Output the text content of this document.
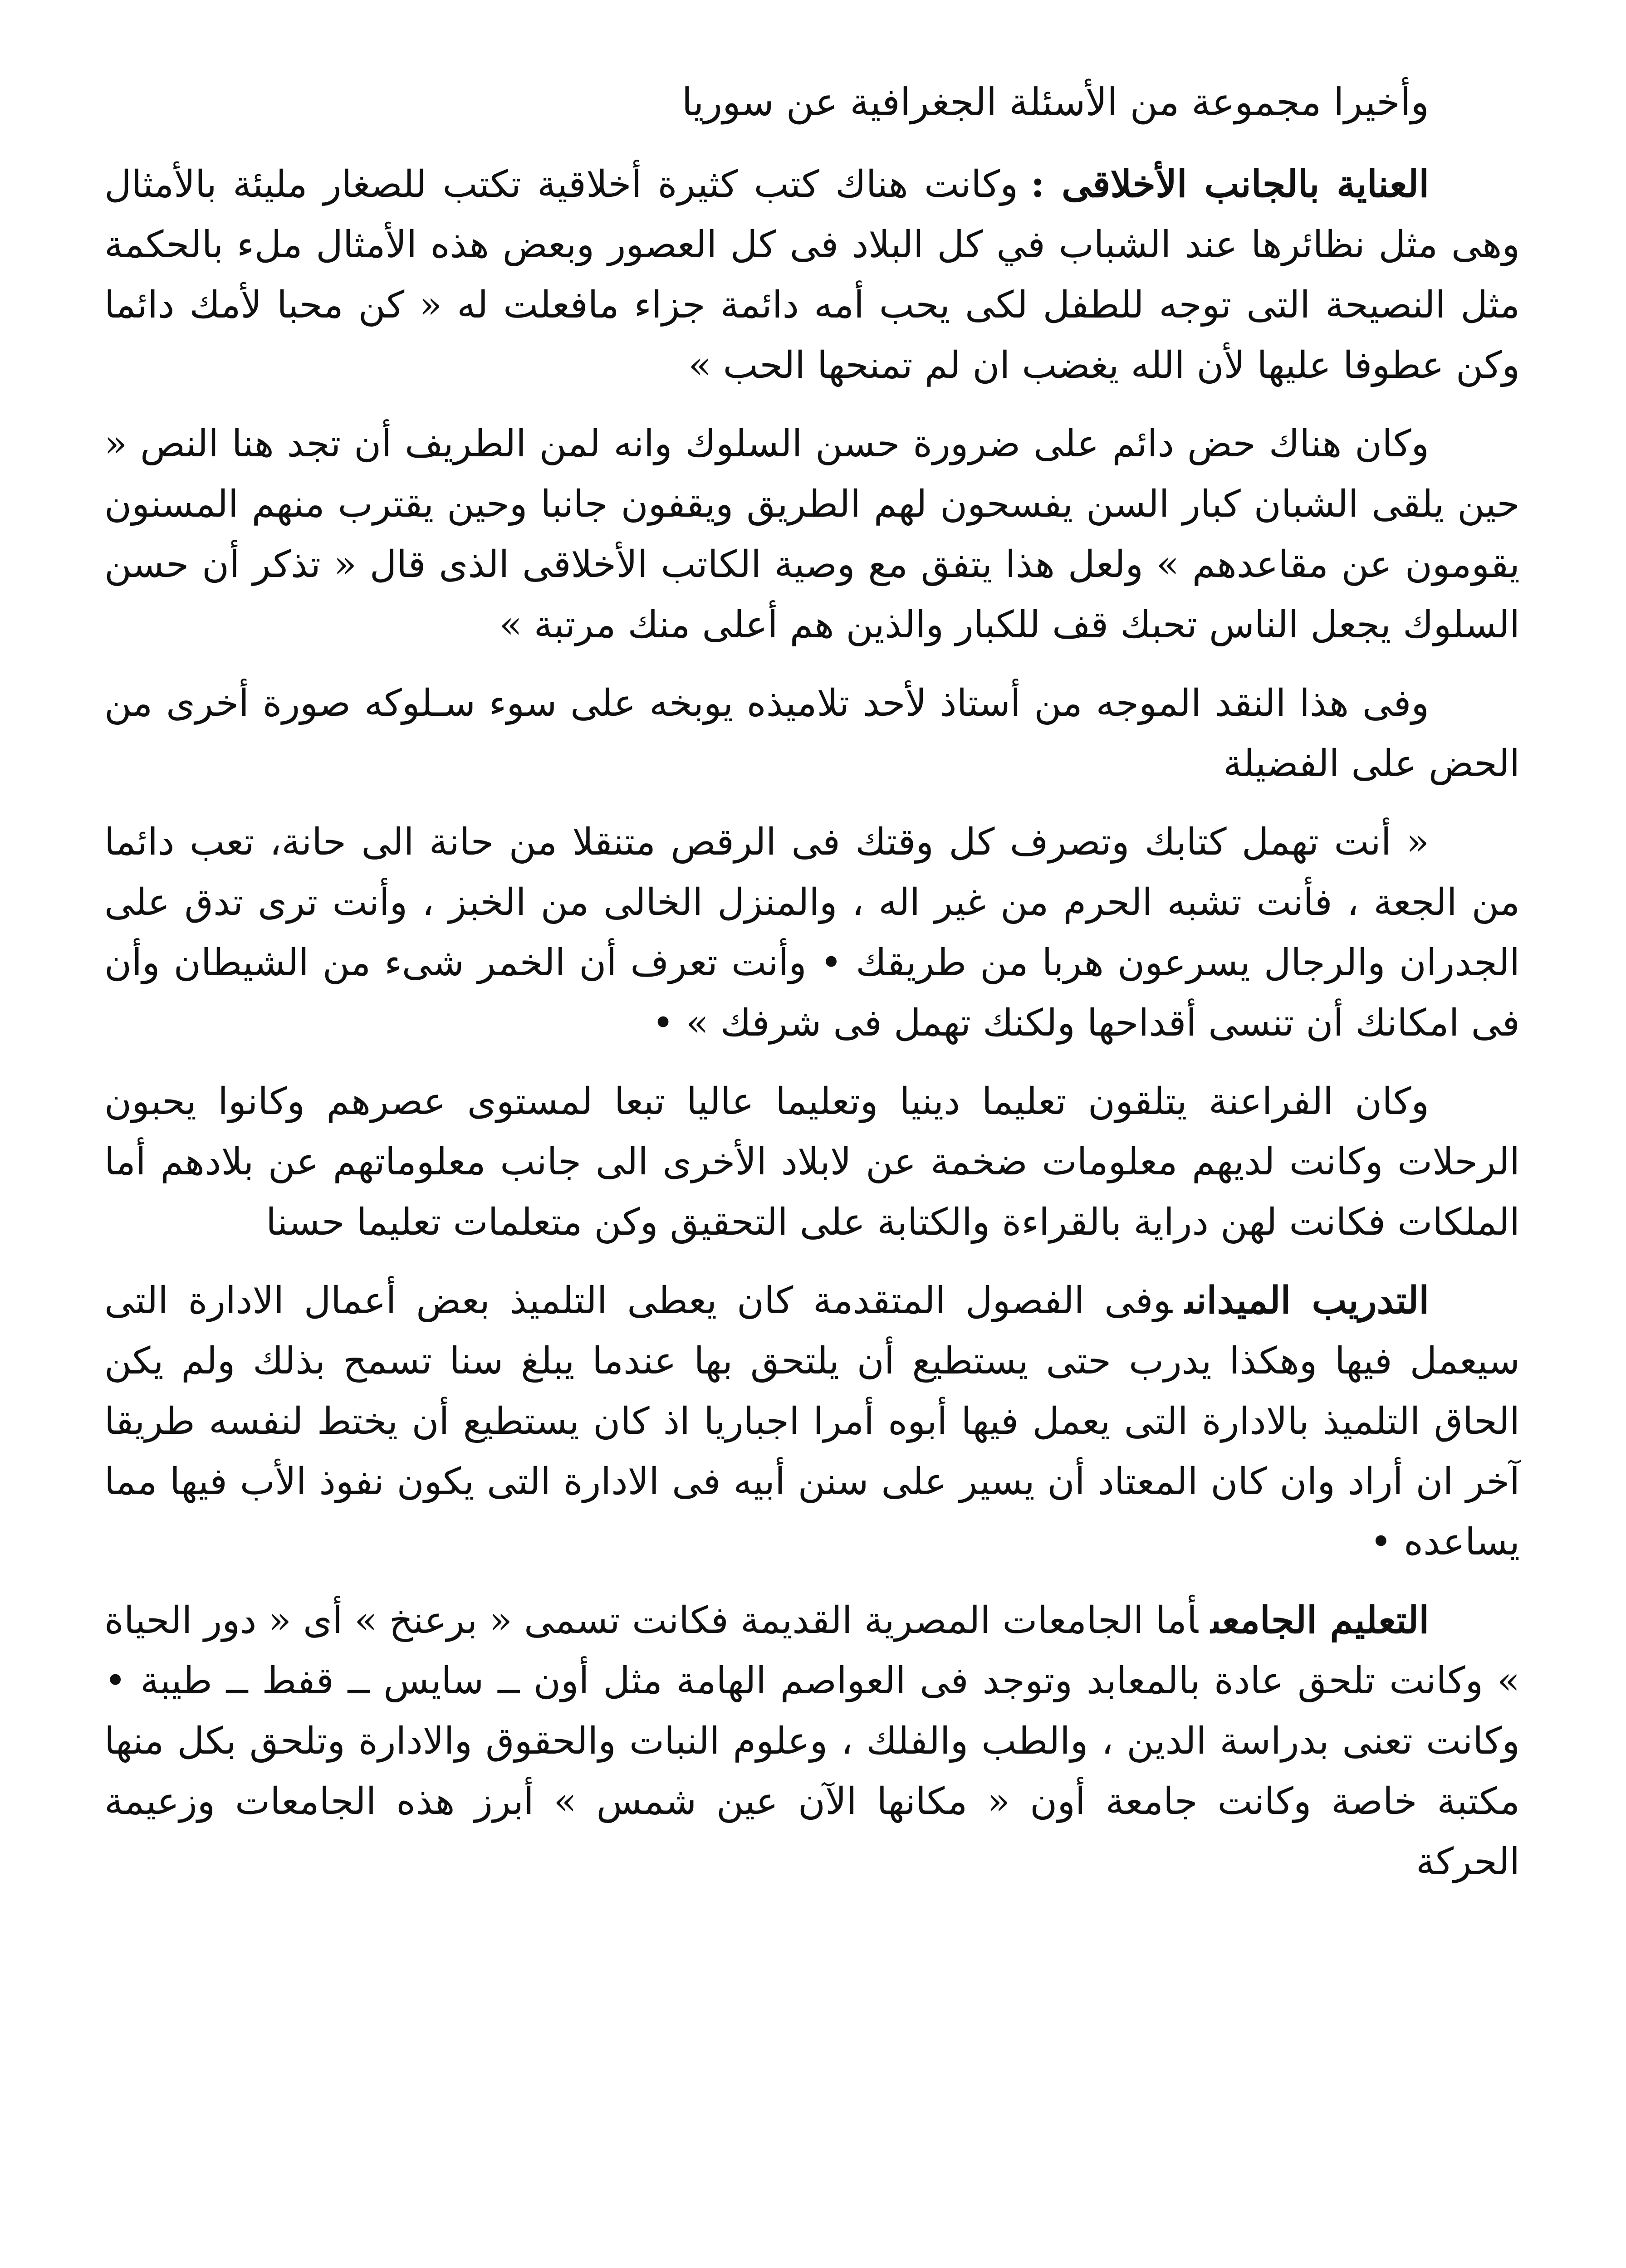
وأخيرا مجموعة من الأسئلة الجغرافية عن سوريا

العناية بالجانب الأخلاقى :وكانت هناك كتب كثيرة أخلاقية تكتب للصغار مليئة بالأمثال وهى مثل نظائرها عند الشباب في كل البلاد فى كل العصور وبعض هذه الأمثال ملء بالحكمة مثل النصيحة التى توجه للطفل لكى يحب أمه دائمة جزاء مافعلت له « كن محبا لأمك دائما وكن عطوفا عليها لأن الله يغضب ان لم تمنحها الحب »

وكان هناك حض دائم على ضرورة حسن السلوك وانه لمن الطريف أن تجد هنا النص « حين يلقى الشبان كبار السن يفسحون لهم الطريق ويقفون جانبا وحين يقترب منهم المسنون يقومون عن مقاعدهم » ولعل هذا يتفق مع وصية الكاتب الأخلاقى الذى قال « تذكر أن حسن السلوك يجعل الناس تحبك قف للكبار والذين هم أعلى منك مرتبة »

وفى هذا النقد الموجه من أستاذ لأحد تلاميذه يوبخه على سوء سـلوكه صورة أخرى من الحض على الفضيلة

« أنت تهمل كتابك وتصرف كل وقتك فى الرقص متنقلا من حانة الى حانة، تعب دائما من الجعة ، فأنت تشبه الحرم من غير اله ، والمنزل الخالى من الخبز ، وأنت ترى تدق على الجدران والرجال يسرعون هربا من طريقك • وأنت تعرف أن الخمر شىء من الشيطان وأن فى امكانك أن تنسى أقداحها ولكنك تهمل فى شرفك » •

وكان الفراعنة يتلقون تعليما دينيا وتعليما عاليا تبعا لمستوى عصرهم وكانوا يحبون الرحلات وكانت لديهم معلومات ضخمة عن لابلاد الأخرى الى جانب معلوماتهم عن بلادهم أما الملكات فكانت لهن دراية بالقراءة والكتابة على التحقيق وكن متعلمات تعليما حسنا

التدريب الميدانىوفى الفصول المتقدمة كان يعطى التلميذ بعض أعمال الادارة التى سيعمل فيها وهكذا يدرب حتى يستطيع أن يلتحق بها عندما يبلغ سنا تسمح بذلك ولم يكن الحاق التلميذ بالادارة التى يعمل فيها أبوه أمرا اجباريا اذ كان يستطيع أن يختط لنفسه طريقا آخر ان أراد وان كان المعتاد أن يسير على سنن أبيه فى الادارة التى يكون نفوذ الأب فيها مما يساعده •

التعليم الجامعىأما الجامعات المصرية القديمة فكانت تسمى « برعنخ » أى « دور الحياة » وكانت تلحق عادة بالمعابد وتوجد فى العواصم الهامة مثل أون ــ سايس ــ قفط ــ طيبة • وكانت تعنى بدراسة الدين ، والطب والفلك ، وعلوم النبات والحقوق والادارة وتلحق بكل منها مكتبة خاصة وكانت جامعة أون « مكانها الآن عين شمس » أبرز هذه الجامعات وزعيمة الحركة
